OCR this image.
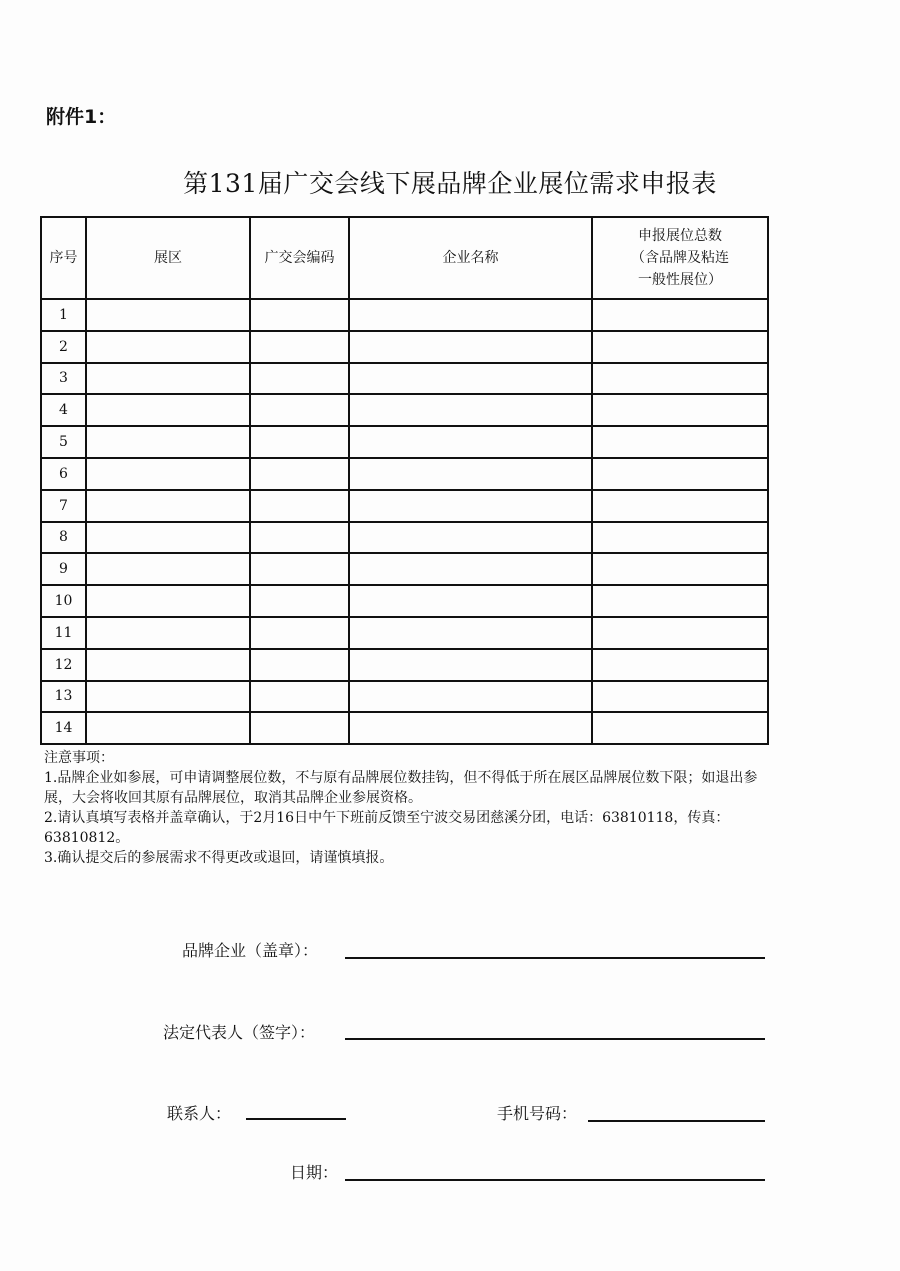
附件1：
第131届广交会线下展品牌企业展位需求申报表
序号	展区	广交会编码	企业名称	申报展位总数
（含品牌及粘连
一般性展位）
1				
2				
3				
4				
5				
6				
7				
8				
9				
10				
11				
12				
13				
14				

注意事项：

1.品牌企业如参展，可申请调整展位数，不与原有品牌展位数挂钩，但不得低于所在展区品牌展位数下限；如退出参展，大会将收回其原有品牌展位，取消其品牌企业参展资格。

2.请认真填写表格并盖章确认，于2月16日中午下班前反馈至宁波交易团慈溪分团，电话：63810118，传真：63810812。

3.确认提交后的参展需求不得更改或退回，请谨慎填报。

品牌企业（盖章）：
法定代表人（签字）：
联系人：	手机号码：
日期：
